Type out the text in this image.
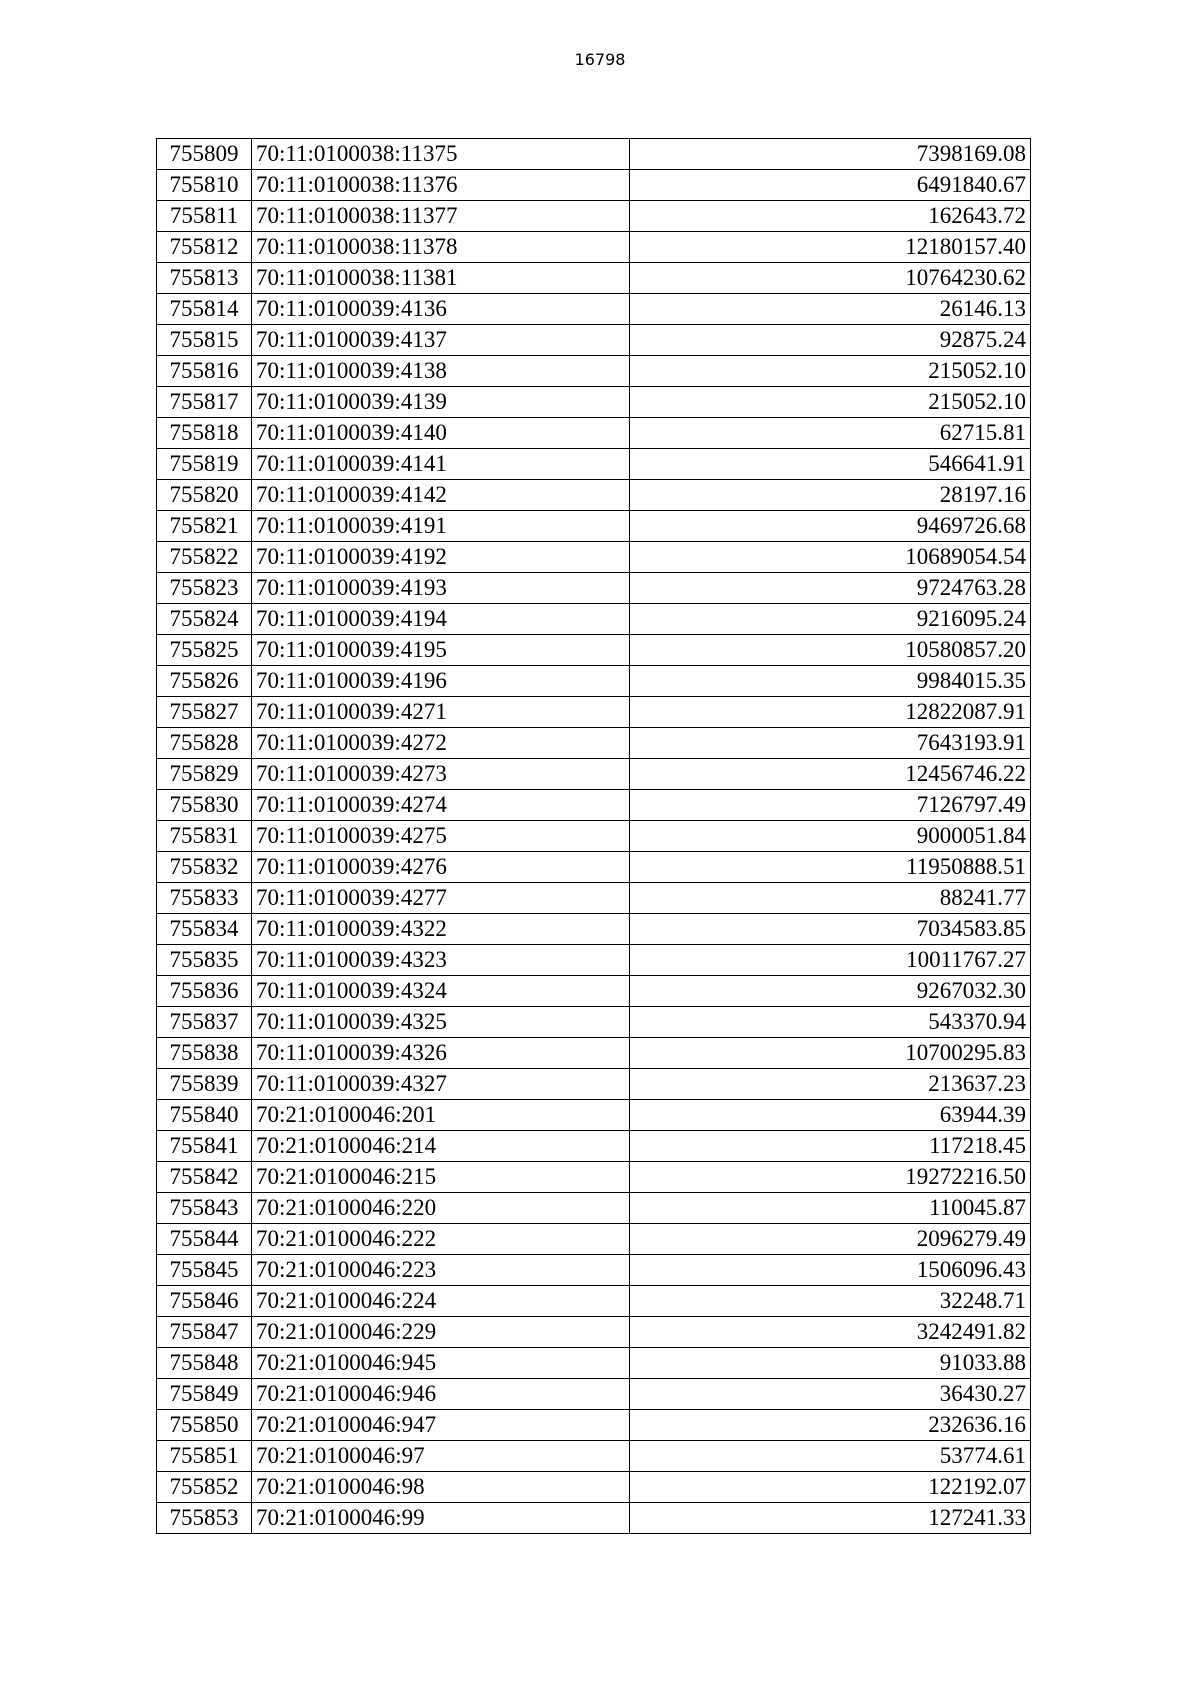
16798
755809	70:11:0100038:11375	7398169.08
755810	70:11:0100038:11376	6491840.67
755811	70:11:0100038:11377	162643.72
755812	70:11:0100038:11378	12180157.40
755813	70:11:0100038:11381	10764230.62
755814	70:11:0100039:4136	26146.13
755815	70:11:0100039:4137	92875.24
755816	70:11:0100039:4138	215052.10
755817	70:11:0100039:4139	215052.10
755818	70:11:0100039:4140	62715.81
755819	70:11:0100039:4141	546641.91
755820	70:11:0100039:4142	28197.16
755821	70:11:0100039:4191	9469726.68
755822	70:11:0100039:4192	10689054.54
755823	70:11:0100039:4193	9724763.28
755824	70:11:0100039:4194	9216095.24
755825	70:11:0100039:4195	10580857.20
755826	70:11:0100039:4196	9984015.35
755827	70:11:0100039:4271	12822087.91
755828	70:11:0100039:4272	7643193.91
755829	70:11:0100039:4273	12456746.22
755830	70:11:0100039:4274	7126797.49
755831	70:11:0100039:4275	9000051.84
755832	70:11:0100039:4276	11950888.51
755833	70:11:0100039:4277	88241.77
755834	70:11:0100039:4322	7034583.85
755835	70:11:0100039:4323	10011767.27
755836	70:11:0100039:4324	9267032.30
755837	70:11:0100039:4325	543370.94
755838	70:11:0100039:4326	10700295.83
755839	70:11:0100039:4327	213637.23
755840	70:21:0100046:201	63944.39
755841	70:21:0100046:214	117218.45
755842	70:21:0100046:215	19272216.50
755843	70:21:0100046:220	110045.87
755844	70:21:0100046:222	2096279.49
755845	70:21:0100046:223	1506096.43
755846	70:21:0100046:224	32248.71
755847	70:21:0100046:229	3242491.82
755848	70:21:0100046:945	91033.88
755849	70:21:0100046:946	36430.27
755850	70:21:0100046:947	232636.16
755851	70:21:0100046:97	53774.61
755852	70:21:0100046:98	122192.07
755853	70:21:0100046:99	127241.33
